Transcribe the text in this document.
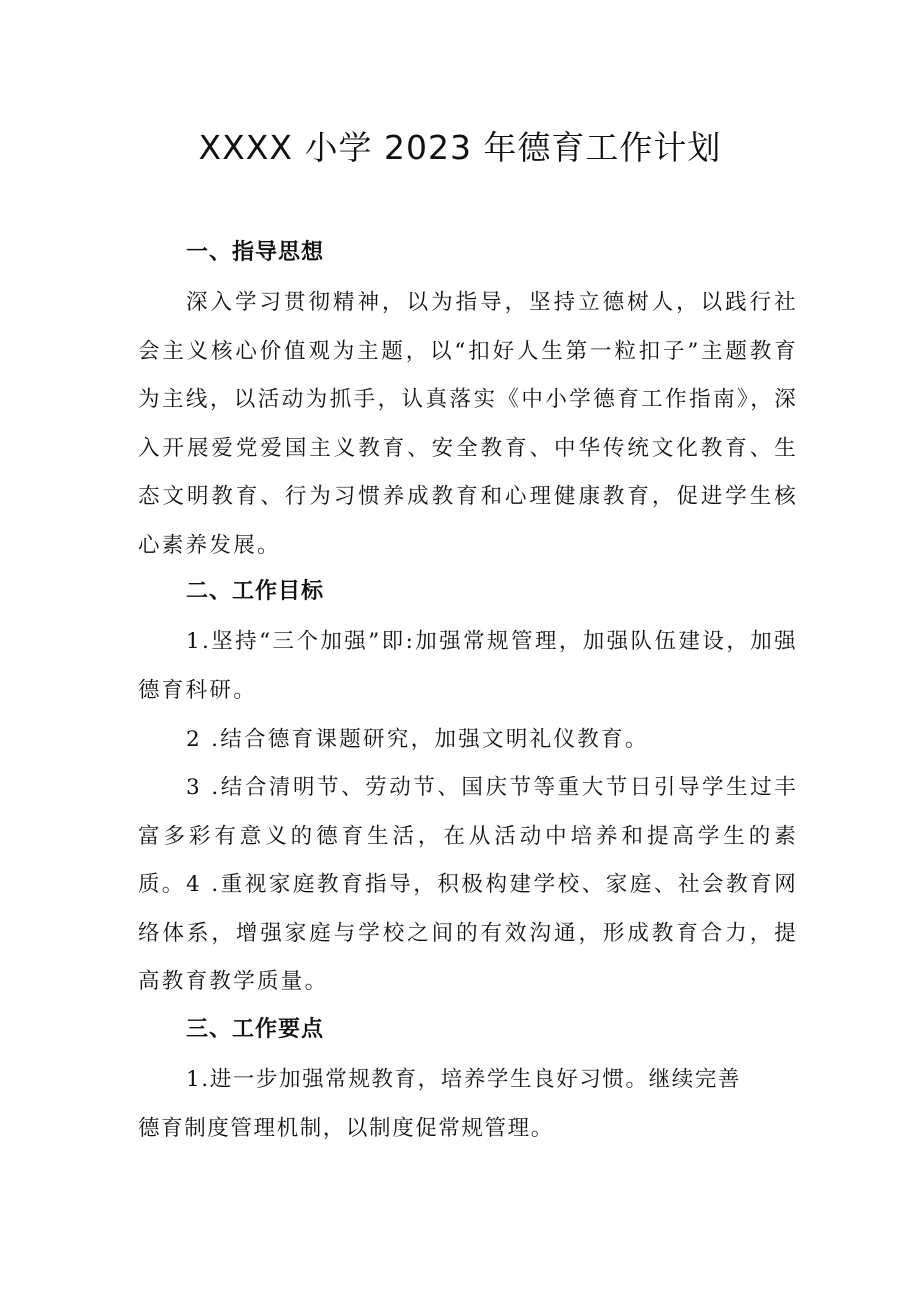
XXXX 小学 2023 年德育工作计划
一、指导思想
深入学习贯彻精神，以为指导，坚持立德树人，以践行社会主义核心价值观为主题，以“扣好人生第一粒扣子”主题教育为主线，以活动为抓手，认真落实《中小学德育工作指南》，深入开展爱党爱国主义教育、安全教育、中华传统文化教育、生态文明教育、行为习惯养成教育和心理健康教育，促进学生核心素养发展。
二、工作目标
1.坚持“三个加强”即:加强常规管理，加强队伍建设，加强德育科研。
2 .结合德育课题研究，加强文明礼仪教育。
3 .结合清明节、劳动节、国庆节等重大节日引导学生过丰富多彩有意义的德育生活，在从活动中培养和提高学生的素质。 4 .重视家庭教育指导，积极构建学校、家庭、社会教育网络体系，增强家庭与学校之间的有效沟通，形成教育合力，提高教育教学质量。
三、工作要点
1.进一步加强常规教育，培养学生良好习惯。继续完善
德育制度管理机制，以制度促常规管理。
